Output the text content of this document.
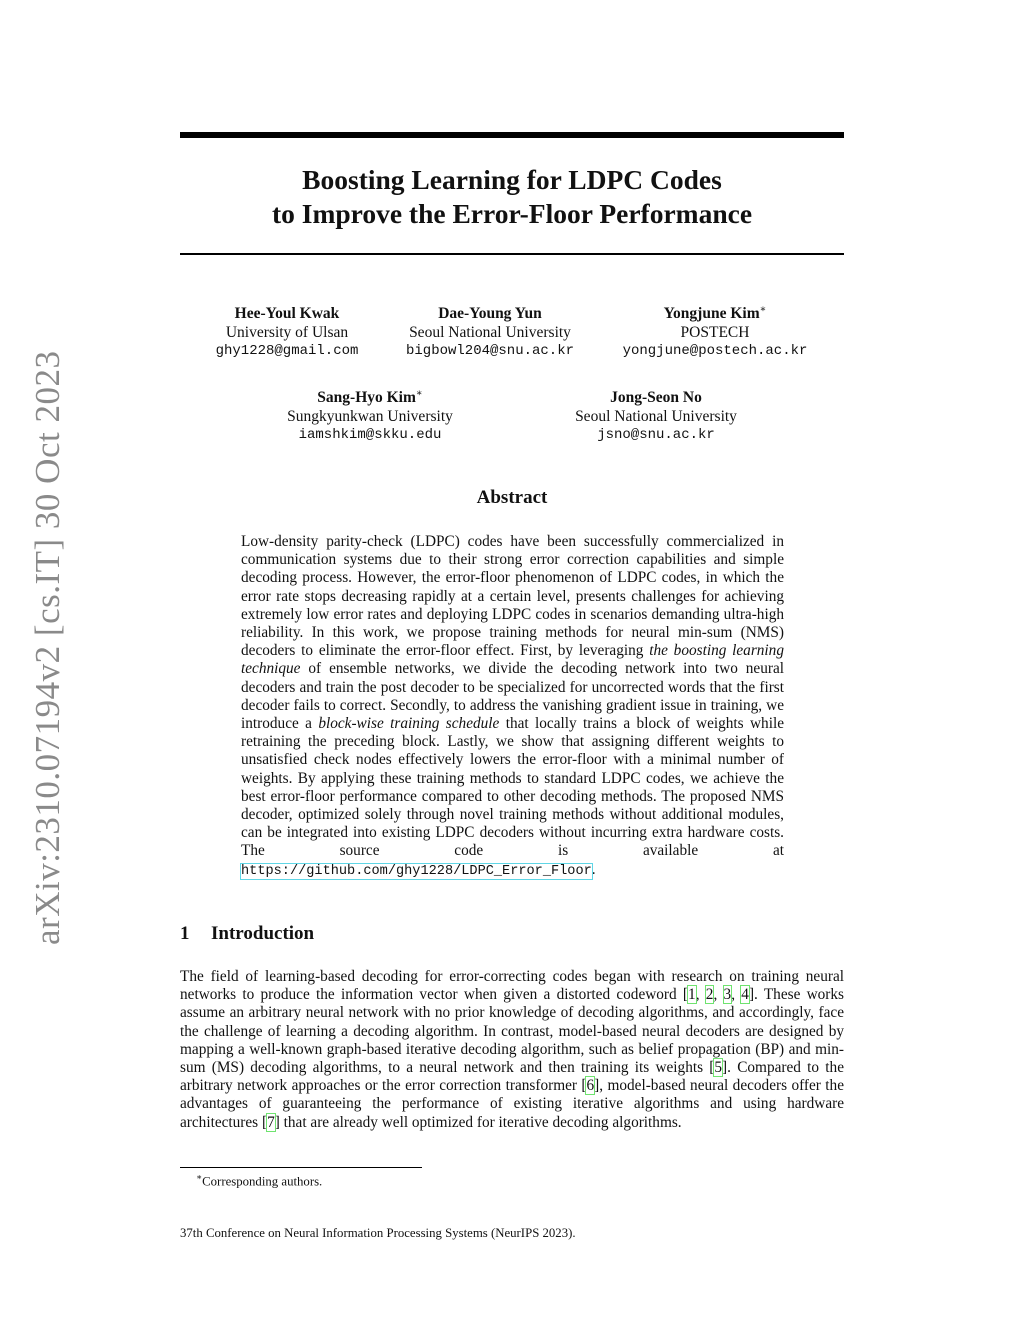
arXiv:2310.07194v2 [cs.IT] 30 Oct 2023
Boosting Learning for LDPC Codes
to Improve the Error-Floor Performance
Hee-Youl Kwak
University of Ulsan
ghy1228@gmail.com
Dae-Young Yun
Seoul National University
bigbowl204@snu.ac.kr
Yongjune Kim∗
POSTECH
yongjune@postech.ac.kr
Sang-Hyo Kim∗
Sungkyunkwan University
iamshkim@skku.edu
Jong-Seon No
Seoul National University
jsno@snu.ac.kr
Abstract

Low-density parity-check (LDPC) codes have been successfully commercialized in communication systems due to their strong error correction capabilities and simple decoding process. However, the error-floor phenomenon of LDPC codes, in which the error rate stops decreasing rapidly at a certain level, presents challenges for achieving extremely low error rates and deploying LDPC codes in scenarios demanding ultra-high reliability. In this work, we propose training methods for neural min-sum (NMS) decoders to eliminate the error-floor effect. First, by leveraging the boosting learning technique of ensemble networks, we divide the decoding network into two neural decoders and train the post decoder to be specialized for uncorrected words that the first decoder fails to correct. Secondly, to address the vanishing gradient issue in training, we introduce a block-wise training schedule that locally trains a block of weights while retraining the preceding block. Lastly, we show that assigning different weights to unsatisfied check nodes effectively lowers the error-floor with a minimal number of weights. By applying these training methods to standard LDPC codes, we achieve the best error-floor performance compared to other decoding methods. The proposed NMS decoder, optimized solely through novel training methods without additional modules, can be integrated into existing LDPC decoders without incurring extra hardware costs. The source code is available at https://github.com/ghy1228/LDPC_Error_Floor.

1 Introduction

The field of learning-based decoding for error-correcting codes began with research on training neural networks to produce the information vector when given a distorted codeword [1, 2, 3, 4]. These works assume an arbitrary neural network with no prior knowledge of decoding algorithms, and accordingly, face the challenge of learning a decoding algorithm. In contrast, model-based neural decoders are designed by mapping a well-known graph-based iterative decoding algorithm, such as belief propagation (BP) and min-sum (MS) decoding algorithms, to a neural network and then training its weights [5]. Compared to the arbitrary network approaches or the error correction transformer [6], model-based neural decoders offer the advantages of guaranteeing the performance of existing iterative algorithms and using hardware architectures [7] that are already well optimized for iterative decoding algorithms.

∗Corresponding authors.
37th Conference on Neural Information Processing Systems (NeurIPS 2023).
